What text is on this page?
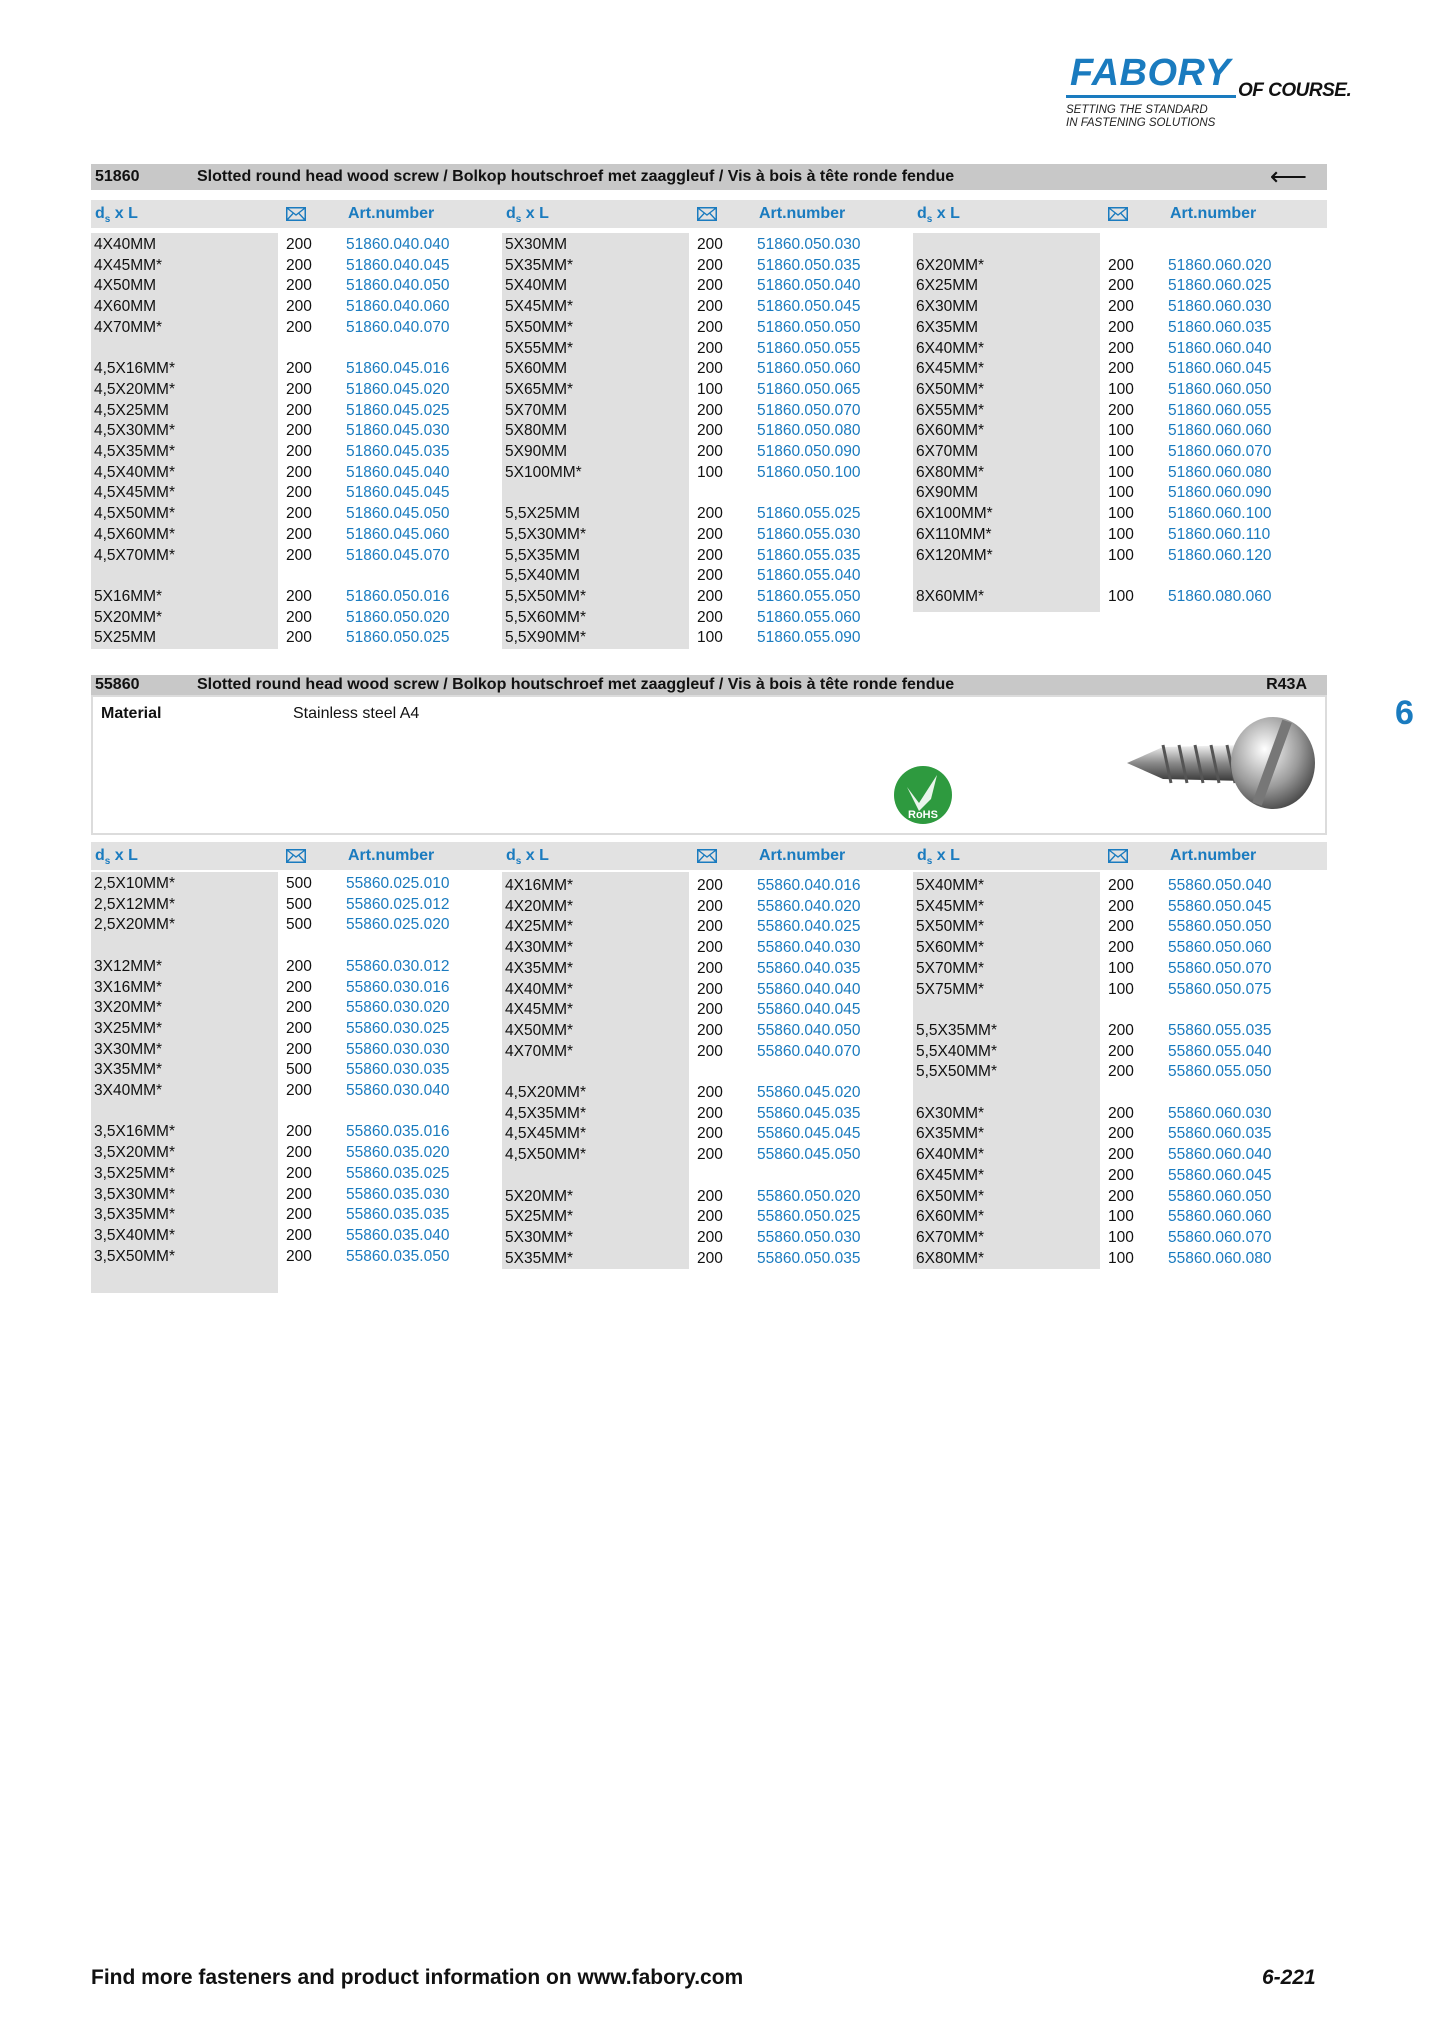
FABORY OF COURSE.
SETTING THE STANDARD
IN FASTENING SOLUTIONS
51860	Slotted round head wood screw / Bolkop houtschroef met zaaggleuf / Vis à bois à tête ronde fendue	⟵
55860	Slotted round head wood screw / Bolkop houtschroef met zaaggleuf / Vis à bois à tête ronde fendue	R43A
Material	Stainless steel A4
RoHS
6
Find more fasteners and product information on www.fabory.com	6-221
$d_s$ x L	Art.number	$d_s$ x L	Art.number	$d_s$ x L	Art.number
4X40MM	200 51860.040.040
4X45MM*	200 51860.040.045
4X50MM	200 51860.040.050
4X60MM	200 51860.040.060
4X70MM*	200 51860.040.070
4,5X16MM*	200 51860.045.016
4,5X20MM*	200 51860.045.020
4,5X25MM	200 51860.045.025
4,5X30MM*	200 51860.045.030
4,5X35MM*	200 51860.045.035
4,5X40MM*	200 51860.045.040
4,5X45MM*	200 51860.045.045
4,5X50MM*	200 51860.045.050
4,5X60MM*	200 51860.045.060
4,5X70MM*	200 51860.045.070
5X16MM*	200 51860.050.016
5X20MM*	200 51860.050.020
5X25MM	200 51860.050.025
5X30MM	200 51860.050.030
5X35MM*	200 51860.050.035
5X40MM	200 51860.050.040
5X45MM*	200 51860.050.045
5X50MM*	200 51860.050.050
5X55MM*	200 51860.050.055
5X60MM	200 51860.050.060
5X65MM*	100 51860.050.065
5X70MM	200 51860.050.070
5X80MM	200 51860.050.080
5X90MM	200 51860.050.090
5X100MM*	100 51860.050.100
5,5X25MM	200 51860.055.025
5,5X30MM*	200 51860.055.030
5,5X35MM	200 51860.055.035
5,5X40MM	200 51860.055.040
5,5X50MM*	200 51860.055.050
5,5X60MM*	200 51860.055.060
5,5X90MM*	100 51860.055.090
6X20MM*	200 51860.060.020
6X25MM	200 51860.060.025
6X30MM	200 51860.060.030
6X35MM	200 51860.060.035
6X40MM*	200 51860.060.040
6X45MM*	200 51860.060.045
6X50MM*	100 51860.060.050
6X55MM*	200 51860.060.055
6X60MM*	100 51860.060.060
6X70MM	100 51860.060.070
6X80MM*	100 51860.060.080
6X90MM	100 51860.060.090
6X100MM*	100 51860.060.100
6X110MM*	100 51860.060.110
6X120MM*	100 51860.060.120
8X60MM*	100 51860.080.060
$d_s$ x L	Art.number	$d_s$ x L	Art.number	$d_s$ x L	Art.number
2,5X10MM*	500 55860.025.010
2,5X12MM*	500 55860.025.012
2,5X20MM*	500 55860.025.020
3X12MM*	200 55860.030.012
3X16MM*	200 55860.030.016
3X20MM*	200 55860.030.020
3X25MM*	200 55860.030.025
3X30MM*	200 55860.030.030
3X35MM*	500 55860.030.035
3X40MM*	200 55860.030.040
3,5X16MM*	200 55860.035.016
3,5X20MM*	200 55860.035.020
3,5X25MM*	200 55860.035.025
3,5X30MM*	200 55860.035.030
3,5X35MM*	200 55860.035.035
3,5X40MM*	200 55860.035.040
3,5X50MM*	200 55860.035.050
4X16MM*	200 55860.040.016
4X20MM*	200 55860.040.020
4X25MM*	200 55860.040.025
4X30MM*	200 55860.040.030
4X35MM*	200 55860.040.035
4X40MM*	200 55860.040.040
4X45MM*	200 55860.040.045
4X50MM*	200 55860.040.050
4X70MM*	200 55860.040.070
4,5X20MM*	200 55860.045.020
4,5X35MM*	200 55860.045.035
4,5X45MM*	200 55860.045.045
4,5X50MM*	200 55860.045.050
5X20MM*	200 55860.050.020
5X25MM*	200 55860.050.025
5X30MM*	200 55860.050.030
5X35MM*	200 55860.050.035
5X40MM*	200 55860.050.040
5X45MM*	200 55860.050.045
5X50MM*	200 55860.050.050
5X60MM*	200 55860.050.060
5X70MM*	100 55860.050.070
5X75MM*	100 55860.050.075
5,5X35MM*	200 55860.055.035
5,5X40MM*	200 55860.055.040
5,5X50MM*	200 55860.055.050
6X30MM*	200 55860.060.030
6X35MM*	200 55860.060.035
6X40MM*	200 55860.060.040
6X45MM*	200 55860.060.045
6X50MM*	200 55860.060.050
6X60MM*	100 55860.060.060
6X70MM*	100 55860.060.070
6X80MM*	100 55860.060.080
